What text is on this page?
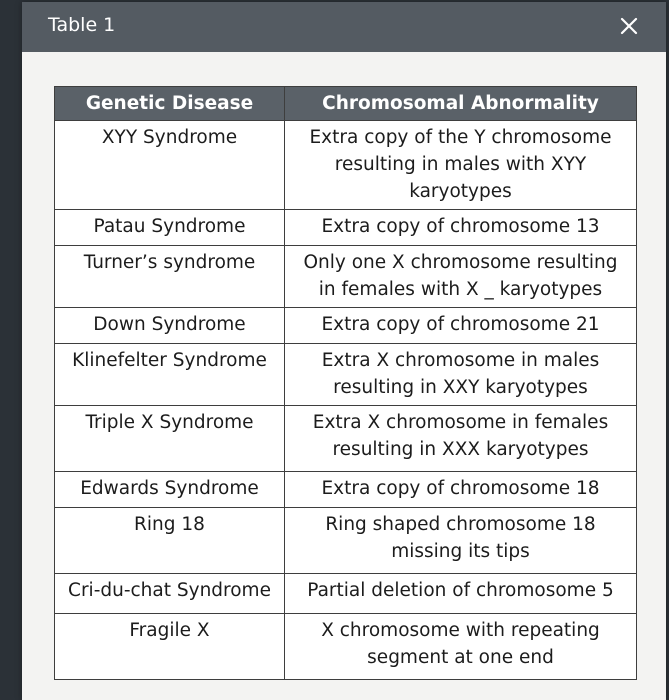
Table 1
Genetic Disease	Chromosomal Abnormality
XYY Syndrome	Extra copy of the Y chromosome resulting in males with XYY karyotypes
Patau Syndrome	Extra copy of chromosome 13
Turner’s syndrome	Only one X chromosome resulting in females with X _ karyotypes
Down Syndrome	Extra copy of chromosome 21
Klinefelter Syndrome	Extra X chromosome in males resulting in XXY karyotypes
Triple X Syndrome	Extra X chromosome in females resulting in XXX karyotypes
Edwards Syndrome	Extra copy of chromosome 18
Ring 18	Ring shaped chromosome 18 missing its tips
Cri-du-chat Syndrome	Partial deletion of chromosome 5
Fragile X	X chromosome with repeating segment at one end
